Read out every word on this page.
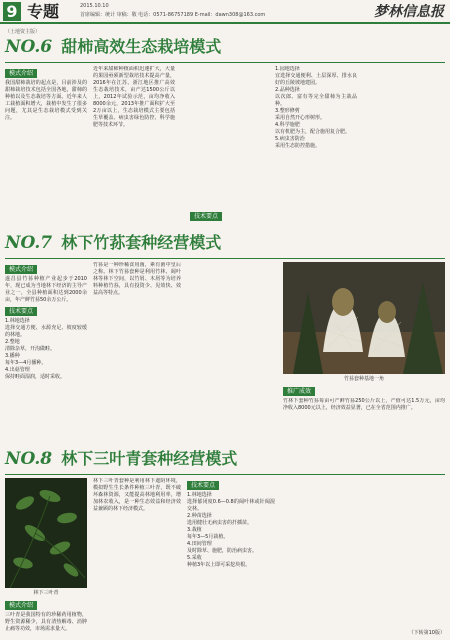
9 专题	2015.10.10
首席编辑：统计 审稿：敬 电话：0571-86757189 E-mail：dawn308@163.com	梦林信息报
（土地资主版）
NO.6 甜柿高效生态栽培模式
模式介绍
我国甜柿栽培的起点是，目前涉及的甜柿栽培技术包括全国各地，甜柿的种植以及生态栽培等方面。近年来人工栽植面积增大，栽植中发生了很多问题，尤其是生态栽培模式受到关注。
近年来甜柿种植面积迅速扩大，大量的果园亟须新型栽培技术提高产量，2016年在江苏、浙江地区推广高效生态栽培技术，亩产达1500公斤以上，2012年试验示范，亩均净收入8000余元，2013年推广面积扩大至2万亩以上，生态栽培模式主要包括生草覆盖、病虫害绿色防控、科学施肥等技术环节。

技术要点
1.园地选择
宜选择交通便利、土层深厚、排水良好的丘陵坡地建园。
2.品种选择
以次郎、富有等完全甜柿为主栽品种。
3.整形修剪
采用自然开心形树形。
4.科学施肥
以有机肥为主，配合施用复合肥。
5.病虫害防治
采用生态防控措施。
NO.7 林下竹荪套种经营模式
模式介绍
遂昌县竹荪种植产业起步于2010年，现已成为当地林下经济的主导产业之一，全县种植面积达到2000余亩，年产鲜竹荪50余万公斤。
技术要点
1.林地选择
选择交通方便、水源充足、坡度较缓的林地。
2.整地
清除杂草，开沟做畦。
3.播种
每年3—4月播种。
4.出菇管理
保持畦面湿润，适时采收。
竹荪是一种珍稀食用菌，素有菌中皇后之称。林下竹荪套种是利用竹林、阔叶林等林下空间，以竹屑、木屑等为培养料种植竹荪，具有投资少、见效快、效益高等特点。
竹荪套种基地一角
推广成效
竹林下套种竹荪每亩可产鲜竹荪250公斤以上，产值可达1.5万元，亩均净收入8000元以上，经济效益显著，已在全省范围内推广。
NO.8 林下三叶青套种经营模式
林下三叶青
模式介绍
三叶青是我国特有的珍稀药用植物，野生资源稀少，具有清热解毒、消肿止痛等功效，市场需求量大。
林下三叶青套种是利用林下遮阴环境，模拟野生生长条件种植三叶青，既不破坏森林资源，又能提高林地利用率，增加林农收入，是一种生态效益和经济效益兼顾的林下经济模式。
技术要点
1.林地选择
选择郁闭度0.6—0.8的阔叶林或针阔混交林。
2.种苗选择
选用健壮无病虫害的扦插苗。
3.栽植
每年3—5月栽植。
4.田间管理
及时除草、施肥，防治病虫害。
5.采收
种植3年以上即可采挖块根。
（下转第10版）
